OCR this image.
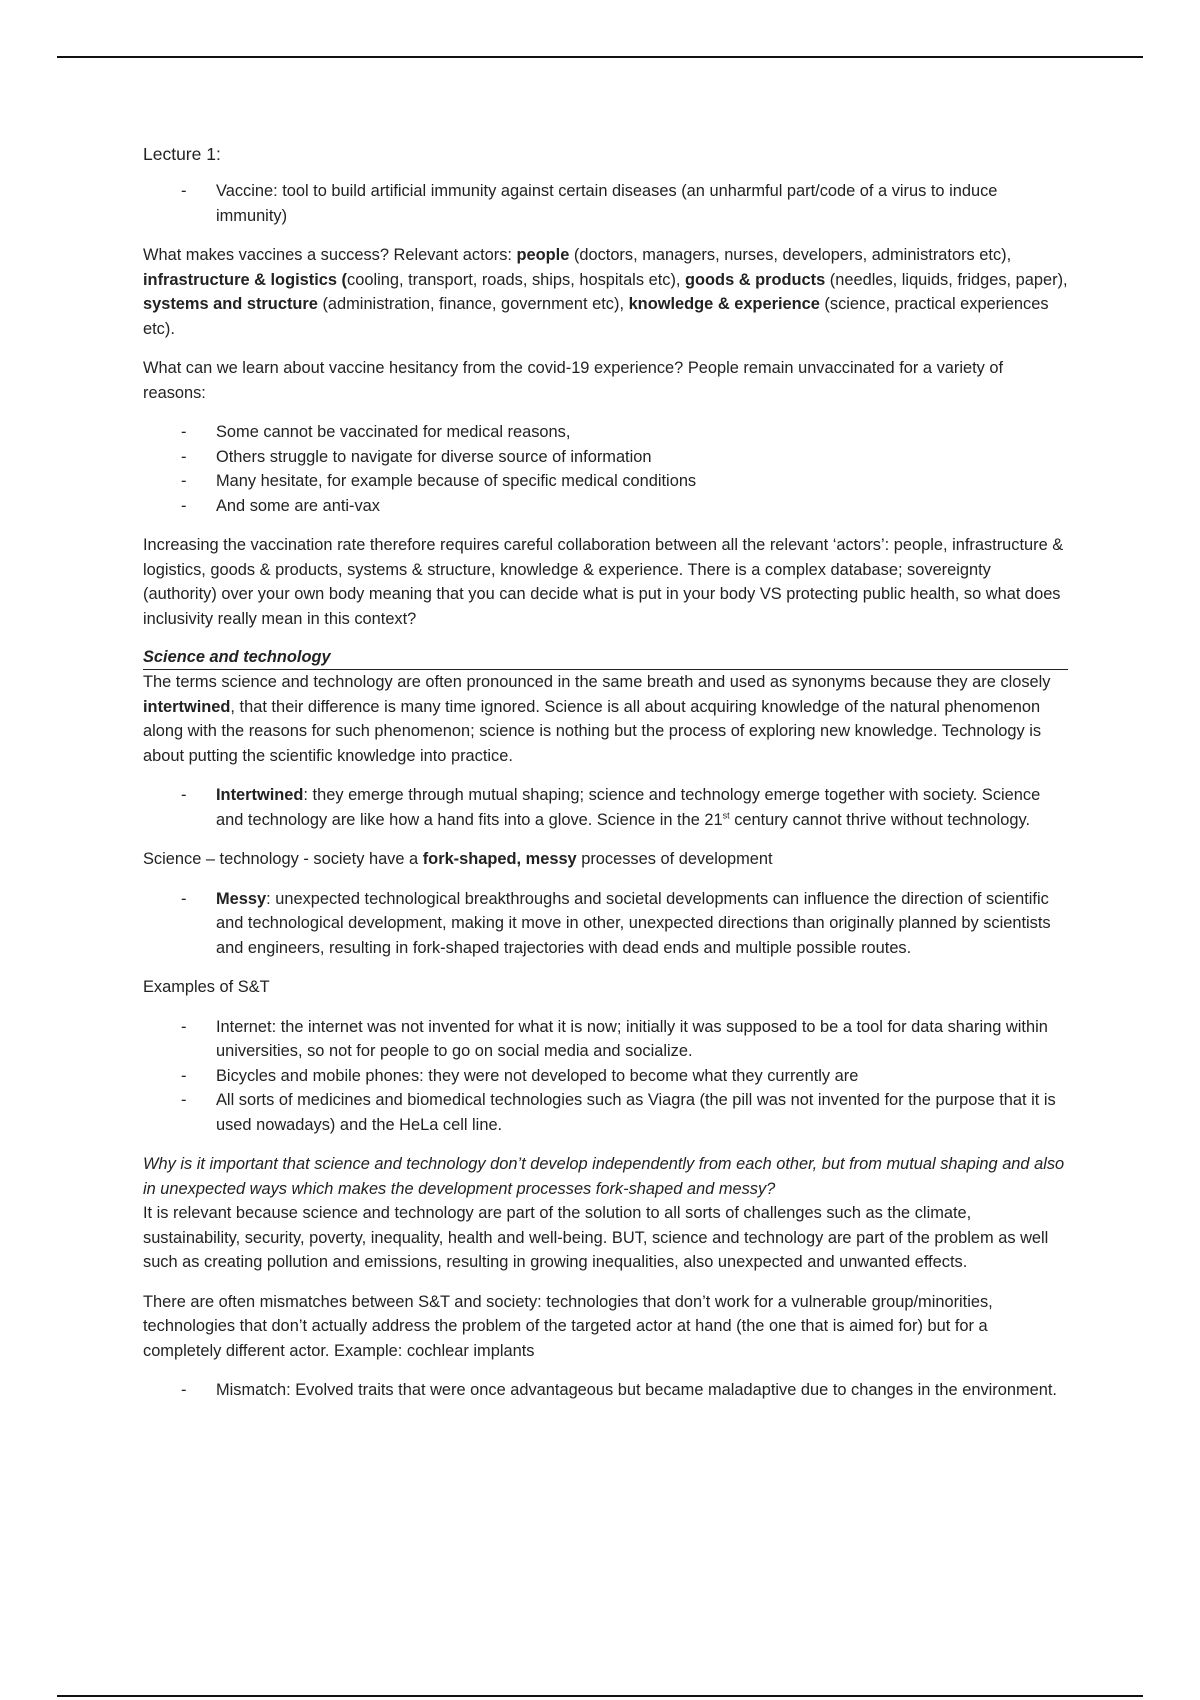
Lecture 1:
- Vaccine: tool to build artificial immunity against certain diseases (an unharmful part/code of a virus to induce immunity)

What makes vaccines a success? Relevant actors: people (doctors, managers, nurses, developers, administrators etc), infrastructure & logistics (cooling, transport, roads, ships, hospitals etc), goods & products (needles, liquids, fridges, paper), systems and structure (administration, finance, government etc), knowledge & experience (science, practical experiences etc).

What can we learn about vaccine hesitancy from the covid-19 experience? People remain unvaccinated for a variety of reasons:

- Some cannot be vaccinated for medical reasons,
- Others struggle to navigate for diverse source of information
- Many hesitate, for example because of specific medical conditions
- And some are anti-vax

Increasing the vaccination rate therefore requires careful collaboration between all the relevant ‘actors’: people, infrastructure & logistics, goods & products, systems & structure, knowledge & experience. There is a complex database; sovereignty (authority) over your own body meaning that you can decide what is put in your body VS protecting public health, so what does inclusivity really mean in this context?

Science and technology

The terms science and technology are often pronounced in the same breath and used as synonyms because they are closely intertwined, that their difference is many time ignored. Science is all about acquiring knowledge of the natural phenomenon along with the reasons for such phenomenon; science is nothing but the process of exploring new knowledge. Technology is about putting the scientific knowledge into practice.

- Intertwined: they emerge through mutual shaping; science and technology emerge together with society. Science and technology are like how a hand fits into a glove. Science in the 21st century cannot thrive without technology.

Science – technology - society have a fork-shaped, messy processes of development

- Messy: unexpected technological breakthroughs and societal developments can influence the direction of scientific and technological development, making it move in other, unexpected directions than originally planned by scientists and engineers, resulting in fork-shaped trajectories with dead ends and multiple possible routes.

Examples of S&T

- Internet: the internet was not invented for what it is now; initially it was supposed to be a tool for data sharing within universities, so not for people to go on social media and socialize.
- Bicycles and mobile phones: they were not developed to become what they currently are
- All sorts of medicines and biomedical technologies such as Viagra (the pill was not invented for the purpose that it is used nowadays) and the HeLa cell line.

Why is it important that science and technology don’t develop independently from each other, but from mutual shaping and also in unexpected ways which makes the development processes fork-shaped and messy?
It is relevant because science and technology are part of the solution to all sorts of challenges such as the climate, sustainability, security, poverty, inequality, health and well-being. BUT, science and technology are part of the problem as well such as creating pollution and emissions, resulting in growing inequalities, also unexpected and unwanted effects.

There are often mismatches between S&T and society: technologies that don’t work for a vulnerable group/minorities, technologies that don’t actually address the problem of the targeted actor at hand (the one that is aimed for) but for a completely different actor. Example: cochlear implants

- Mismatch: Evolved traits that were once advantageous but became maladaptive due to changes in the environment.
